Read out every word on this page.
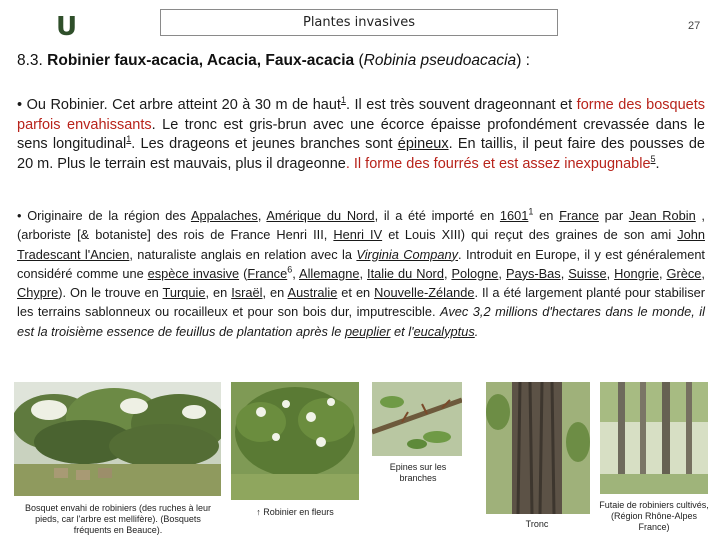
U	Plantes invasives	27
8.3. Robinier faux-acacia, Acacia, Faux-acacia (Robinia pseudoacacia) :
• Ou Robinier. Cet arbre atteint 20 à 30 m de haut$^1$. Il est très souvent drageonnant et forme des bosquets parfois envahissants. Le tronc est gris-brun avec une écorce épaisse profondément crevassée dans le sens longitudinal$^1$. Les drageons et jeunes branches sont épineux. En taillis, il peut faire des pousses de 20 m. Plus le terrain est mauvais, plus il drageonne. Il forme des fourrés et est assez inexpugnable$^5$.
• Originaire de la région des Appalaches, Amérique du Nord, il a été importé en 1601$^1$ en France par Jean Robin , (arboriste [& botaniste] des rois de France Henri III, Henri IV et Louis XIII) qui reçut des graines de son ami John Tradescant l'Ancien, naturaliste anglais en relation avec la Virginia Company. Introduit en Europe, il y est généralement considéré comme une espèce invasive (France$^6$, Allemagne, Italie du Nord, Pologne, Pays-Bas, Suisse, Hongrie, Grèce, Chypre). On le trouve en Turquie, en Israël, en Australie et en Nouvelle-Zélande. Il a été largement planté pour stabiliser les terrains sablonneux ou rocailleux et pour son bois dur, imputrescible. Avec 3,2 millions d'hectares dans le monde, il est la troisième essence de feuillus de plantation après le peuplier et l'eucalyptus.
Bosquet envahi de robiniers (des ruches à leur pieds, car l'arbre est mellifère). (Bosquets fréquents en Beauce).
↑ Robinier en fleurs
Epines sur les branches
Tronc
Futaie de robiniers cultivés, (Région Rhône-Alpes France)
